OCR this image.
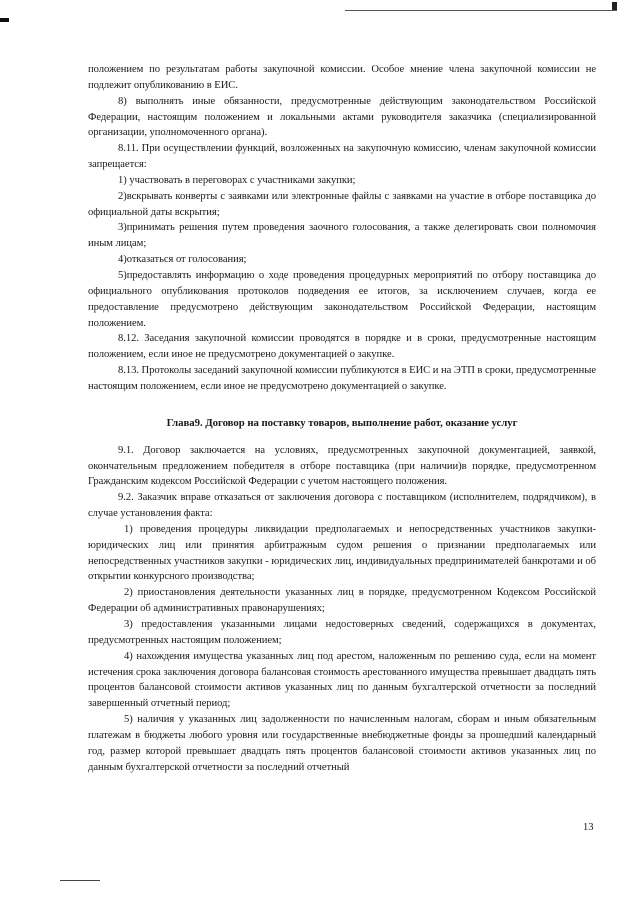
положением по результатам работы закупочной комиссии. Особое мнение члена закупочной комиссии не подлежит опубликованию в ЕИС.

8) выполнять иные обязанности, предусмотренные действующим законодательством Российской Федерации, настоящим положением и локальными актами руководителя заказчика (специализированной организации, уполномоченного органа).

8.11. При осуществлении функций, возложенных на закупочную комиссию, членам закупочной комиссии запрещается:

1) участвовать в переговорах с участниками закупки;

2)вскрывать конверты с заявками или электронные файлы с заявками на участие в отборе поставщика до официальной даты вскрытия;

3)принимать решения путем проведения заочного голосования, а также делегировать свои полномочия иным лицам;

4)отказаться от голосования;

5)предоставлять информацию о ходе проведения процедурных мероприятий по отбору поставщика до официального опубликования протоколов подведения ее итогов, за исключением случаев, когда ее предоставление предусмотрено действующим законодательством Российской Федерации, настоящим положением.

8.12. Заседания закупочной комиссии проводятся в порядке и в сроки, предусмотренные настоящим положением, если иное не предусмотрено документацией о закупке.

8.13. Протоколы заседаний закупочной комиссии публикуются в ЕИС и на ЭТП в сроки, предусмотренные настоящим положением, если иное не предусмотрено документацией о закупке.

Глава9. Договор на поставку товаров, выполнение работ, оказание услуг

9.1. Договор заключается на условиях, предусмотренных закупочной документацией, заявкой, окончательным предложением победителя в отборе поставщика (при наличии)в порядке, предусмотренном Гражданским кодексом Российской Федерации с учетом настоящего положения.

9.2. Заказчик вправе отказаться от заключения договора с поставщиком (исполнителем, подрядчиком), в случае установления факта:

1) проведения процедуры ликвидации предполагаемых и непосредственных участников закупки- юридических лиц или принятия арбитражным судом решения о признании предполагаемых или непосредственных участников закупки - юридических лиц, индивидуальных предпринимателей банкротами и об открытии конкурсного производства;

2) приостановления деятельности указанных лиц в порядке, предусмотренном Кодексом Российской Федерации об административных правонарушениях;

3) предоставления указанными лицами недостоверных сведений, содержащихся в документах, предусмотренных настоящим положением;

4) нахождения имущества указанных лиц под арестом, наложенным по решению суда, если на момент истечения срока заключения договора балансовая стоимость арестованного имущества превышает двадцать пять процентов балансовой стоимости активов указанных лиц по данным бухгалтерской отчетности за последний завершенный отчетный период;

5) наличия у указанных лиц задолженности по начисленным налогам, сборам и иным обязательным платежам в бюджеты любого уровня или государственные внебюджетные фонды за прошедший календарный год, размер которой превышает двадцать пять процентов балансовой стоимости активов указанных лиц по данным бухгалтерской отчетности за последний отчетный

13
